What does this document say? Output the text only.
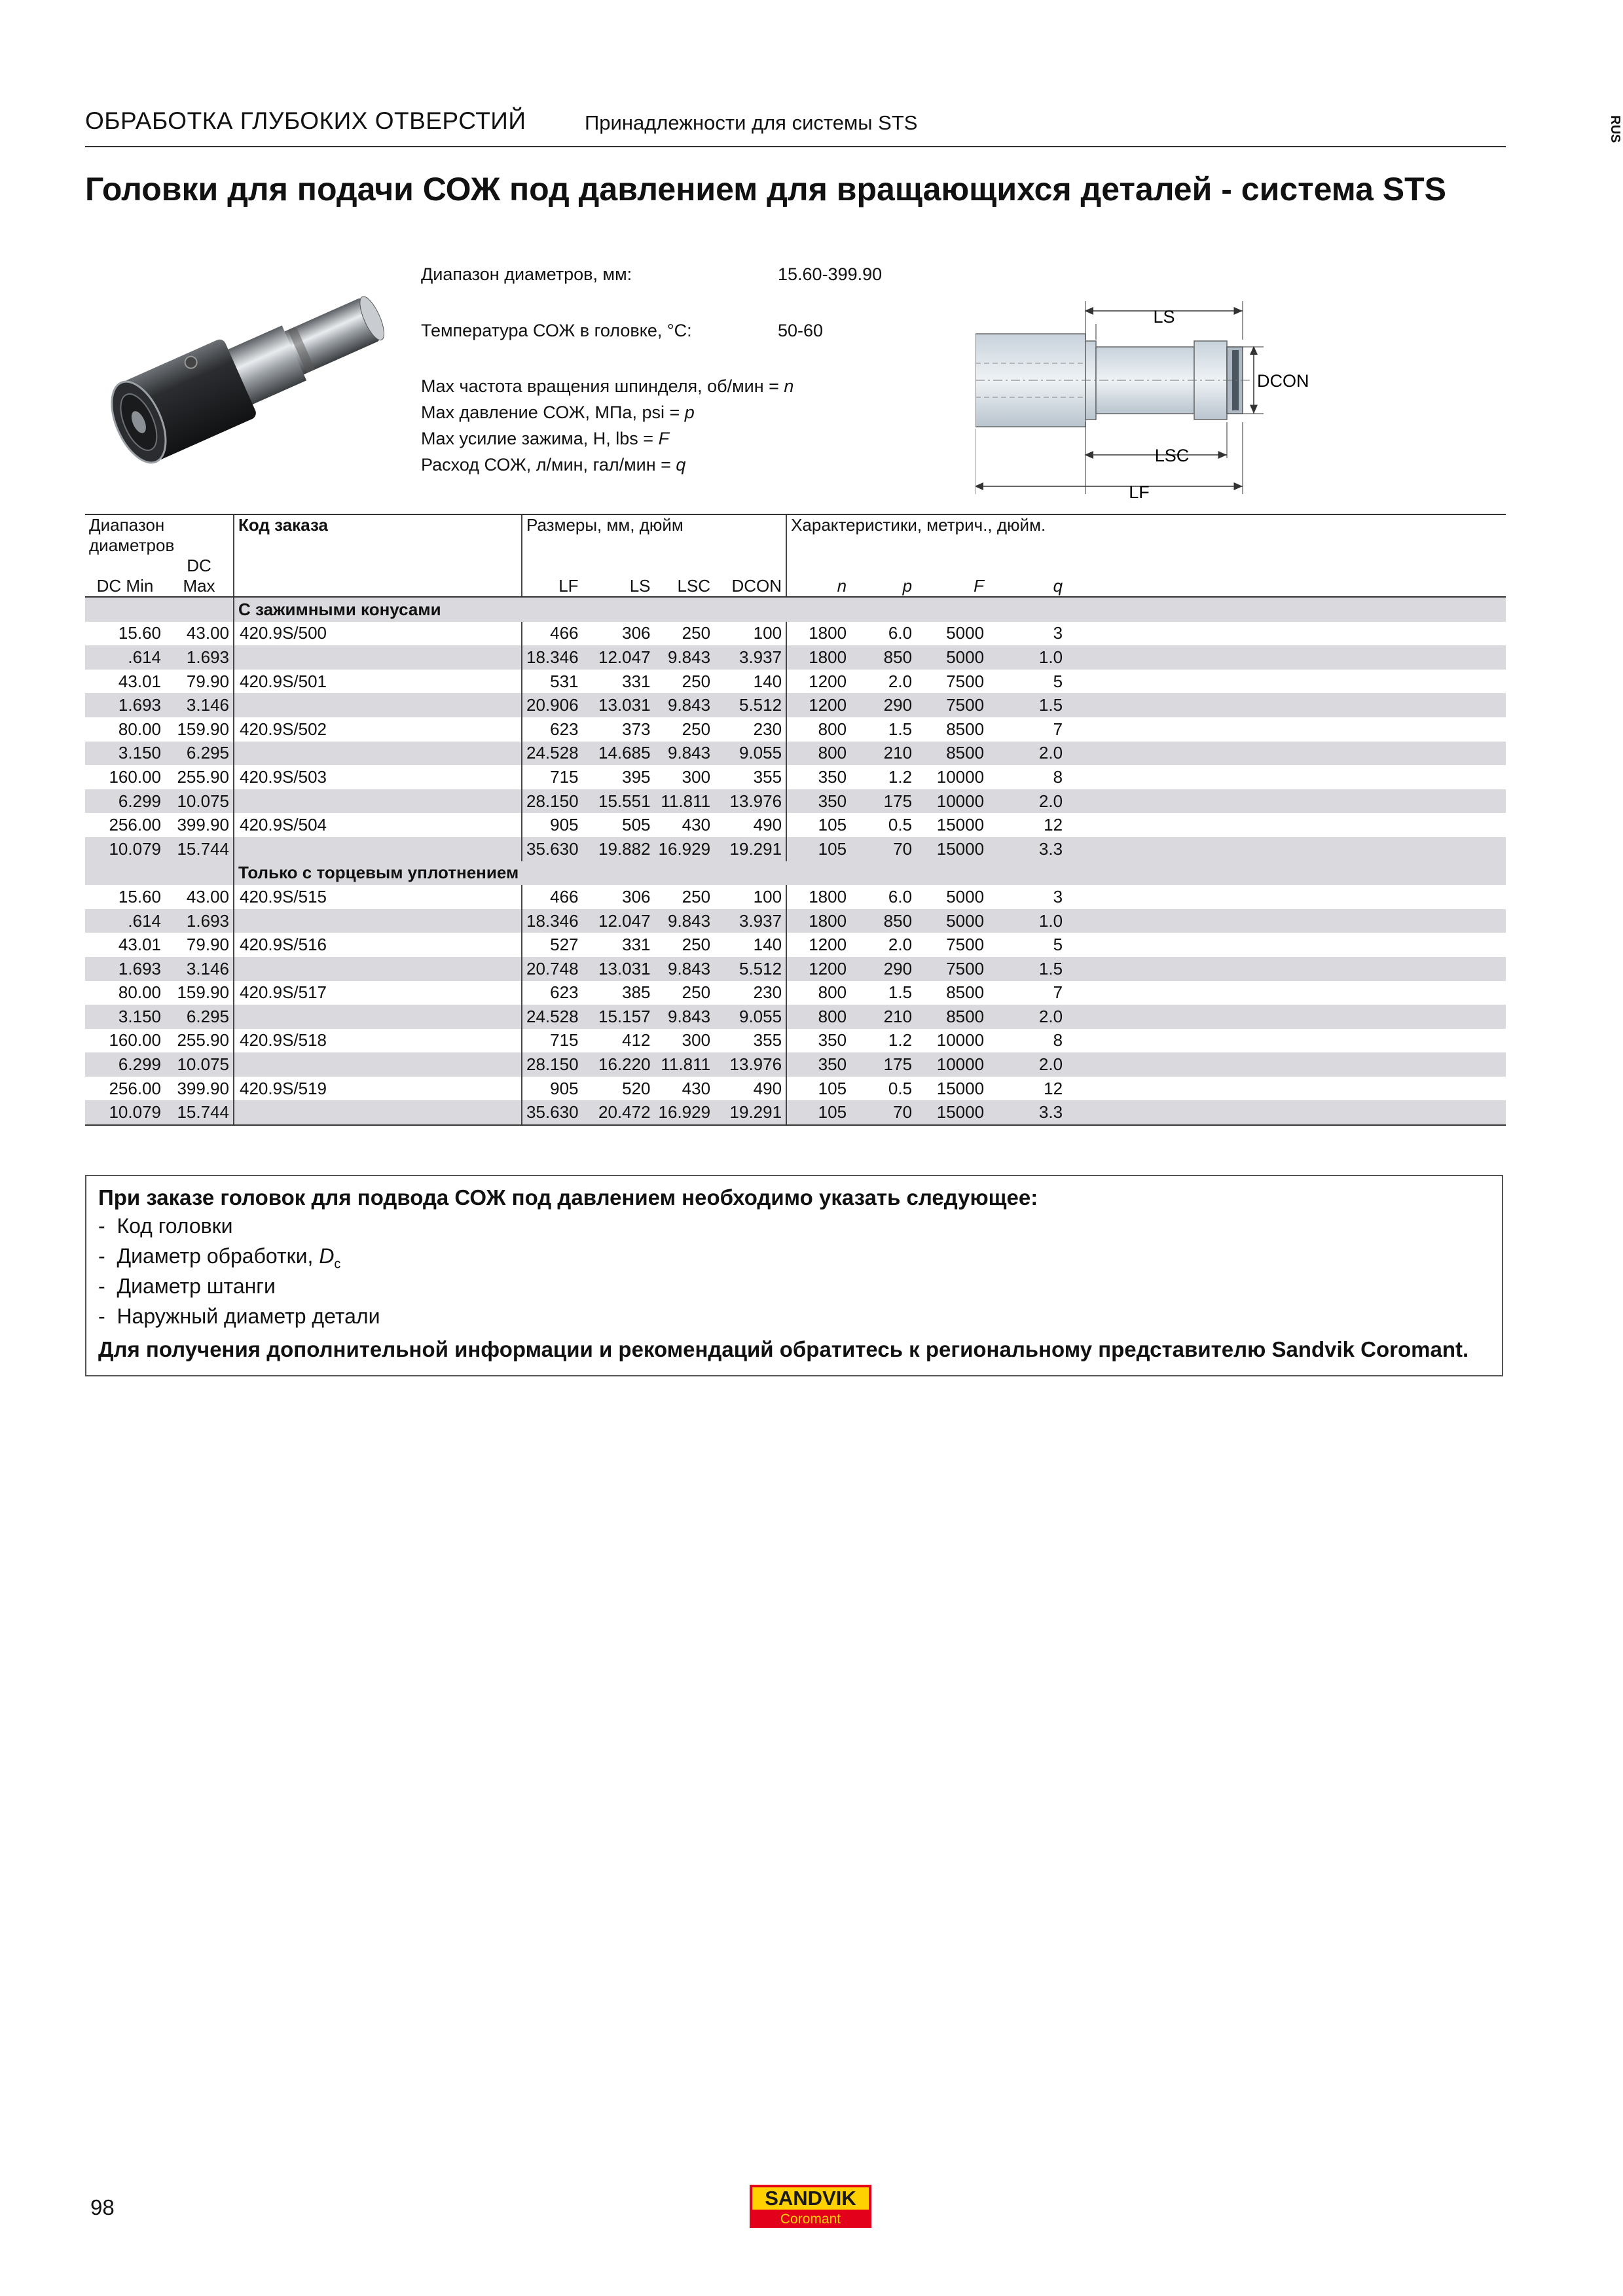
ОБРАБОТКА ГЛУБОКИХ ОТВЕРСТИЙ	Принадлежности для системы STS	RUS
Головки для подачи СОЖ под давлением для вращающихся деталей - система STS
Диапазон диаметров, мм:	15.60-399.90
Температура СОЖ в головке, °C:	50-60
Max частота вращения шпинделя, об/мин = n
Max давление СОЖ, МПа, psi = p
Max усилие зажима, Н, lbs = F
Расход СОЖ, л/мин, гал/мин = q
LS
DCON
LSC
LF
Диапазон диаметров		Код заказа	Размеры, мм, дюйм				Характеристики, метрич., дюйм.				
DC Min	DC Max		LF	LS	LSC	DCON	n	p	F	q	
		С зажимными конусами									
15.60	43.00	420.9S/500	466	306	250	100	1800	6.0	5000	3	
.614	1.693		18.346	12.047	9.843	3.937	1800	850	5000	1.0	
43.01	79.90	420.9S/501	531	331	250	140	1200	2.0	7500	5	
1.693	3.146		20.906	13.031	9.843	5.512	1200	290	7500	1.5	
80.00	159.90	420.9S/502	623	373	250	230	800	1.5	8500	7	
3.150	6.295		24.528	14.685	9.843	9.055	800	210	8500	2.0	
160.00	255.90	420.9S/503	715	395	300	355	350	1.2	10000	8	
6.299	10.075		28.150	15.551	11.811	13.976	350	175	10000	2.0	
256.00	399.90	420.9S/504	905	505	430	490	105	0.5	15000	12	
10.079	15.744		35.630	19.882	16.929	19.291	105	70	15000	3.3	
		Только с торцевым уплотнением									
15.60	43.00	420.9S/515	466	306	250	100	1800	6.0	5000	3	
.614	1.693		18.346	12.047	9.843	3.937	1800	850	5000	1.0	
43.01	79.90	420.9S/516	527	331	250	140	1200	2.0	7500	5	
1.693	3.146		20.748	13.031	9.843	5.512	1200	290	7500	1.5	
80.00	159.90	420.9S/517	623	385	250	230	800	1.5	8500	7	
3.150	6.295		24.528	15.157	9.843	9.055	800	210	8500	2.0	
160.00	255.90	420.9S/518	715	412	300	355	350	1.2	10000	8	
6.299	10.075		28.150	16.220	11.811	13.976	350	175	10000	2.0	
256.00	399.90	420.9S/519	905	520	430	490	105	0.5	15000	12	
10.079	15.744		35.630	20.472	16.929	19.291	105	70	15000	3.3	
При заказе головок для подвода СОЖ под давлением необходимо указать следующее:
-  Код головки
-  Диаметр обработки, $D_c$
-  Диаметр штанги
-  Наружный диаметр детали
Для получения дополнительной информации и рекомендаций обратитесь к региональному представителю Sandvik Coromant.
98	SANDVIK
Coromant
